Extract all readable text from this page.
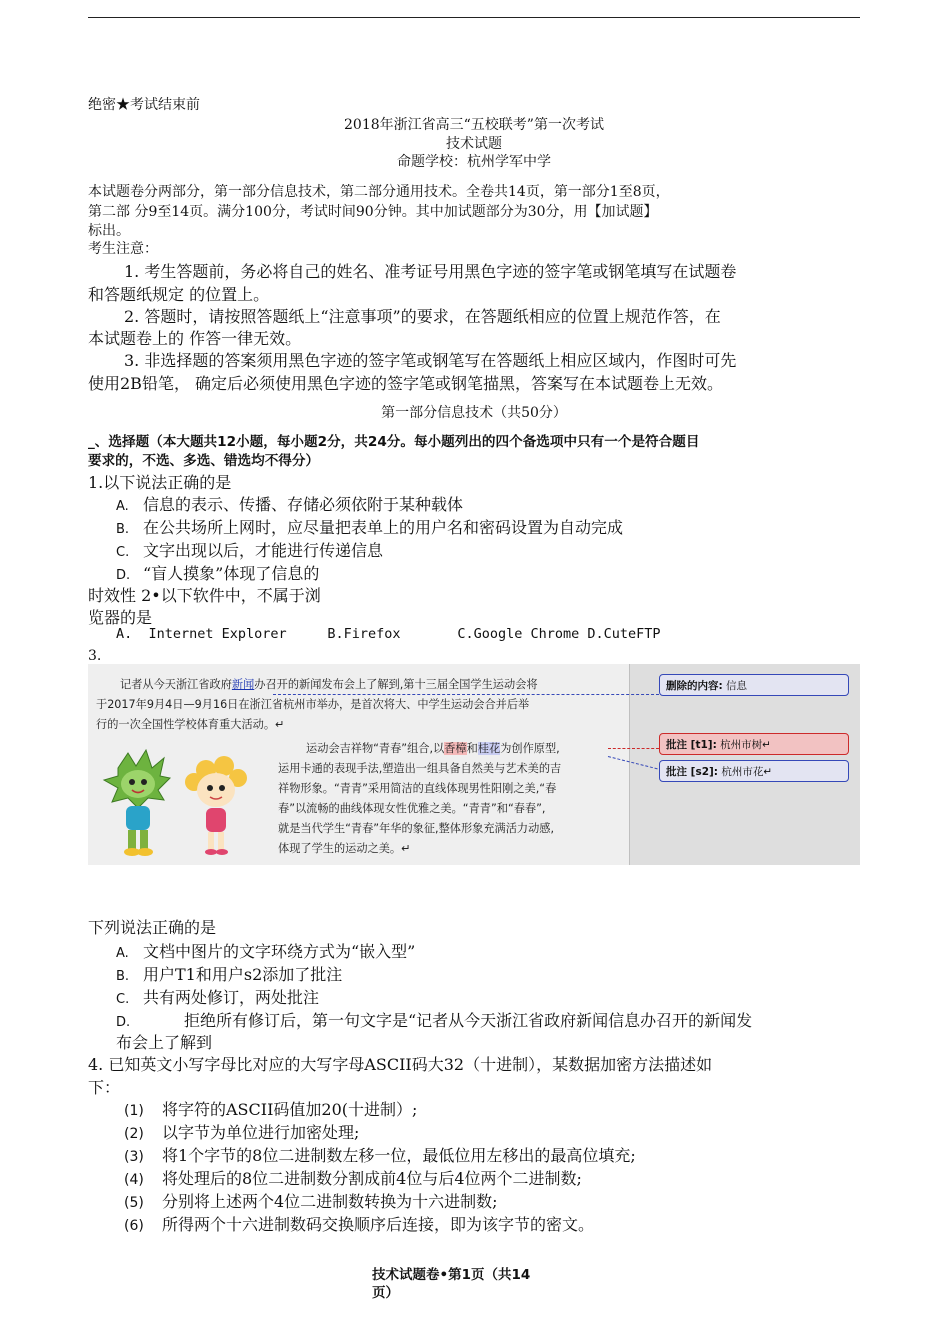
绝密★考试结束前
2018年浙江省高三“五校联考”第一次考试
技术试题
命题学校：杭州学军中学
本试题卷分两部分，第一部分信息技术，第二部分通用技术。全卷共14页，第一部分1至8页，
第二部 分9至14页。满分100分，考试时间90分钟。其中加试题部分为30分，用【加试题】
标出。
考生注意：
1. 考生答题前，务必将自己的姓名、准考证号用黑色字迹的签字笔或钢笔填写在试题卷
和答题纸规定 的位置上。
2. 答题时，请按照答题纸上“注意事项”的要求，在答题纸相应的位置上规范作答，在
本试题卷上的 作答一律无效。
3. 非选择题的答案须用黑色字迹的签字笔或钢笔写在答题纸上相应区域内，作图时可先
使用2B铅笔， 确定后必须使用黑色字迹的签字笔或钢笔描黑，答案写在本试题卷上无效。
第一部分信息技术（共50分）
_、选择题（本大题共12小题，每小题2分，共24分。每小题列出的四个备选项中只有一个是符合题目
要求的，不选、多选、错选均不得分）
1.以下说法正确的是
A. 信息的表示、传播、存储必须依附于某种载体
B. 在公共场所上网时，应尽量把表单上的用户名和密码设置为自动完成
C. 文字出现以后，才能进行传递信息
D. “盲人摸象”体现了信息的
时效性 2•以下软件中，不属于浏
览器的是
A.  Internet Explorer     B.Firefox       C.Google Chrome D.CuteFTP
3.
记者从今天浙江省政府新闻办召开的新闻发布会上了解到,第十三届全国学生运动会将
于2017年9月4日—9月16日在浙江省杭州市举办，是首次将大、中学生运动会合并后举
行的一次全国性学校体育重大活动。↵
运动会吉祥物“青春”组合,以香樟和桂花为创作原型,
运用卡通的表现手法,塑造出一组具备自然美与艺术美的吉
祥物形象。“青青”采用简洁的直线体现男性阳刚之美,“春
春”以流畅的曲线体现女性优雅之美。“青青”和“春春”,
就是当代学生“青春”年华的象征,整体形象充满活力动感,
体现了学生的运动之美。↵
删除的内容: 信息
批注 [t1]: 杭州市树↵
批注 [s2]: 杭州市花↵
下列说法正确的是
A. 文档中图片的文字环绕方式为“嵌入型”
B. 用户T1和用户s2添加了批注
C. 共有两处修订，两处批注
D.	拒绝所有修订后，第一句文字是“记者从今天浙江省政府新闻信息办召开的新闻发
布会上了解到
4. 已知英文小写字母比对应的大写字母ASCII码大32（十进制），某数据加密方法描述如
下：
(1) 将字符的ASCII码值加20(十进制）;
(2) 以字节为单位进行加密处理;
(3) 将1个字节的8位二进制数左移一位，最低位用左移出的最高位填充;
(4) 将处理后的8位二进制数分割成前4位与后4位两个二进制数;
(5) 分别将上述两个4位二进制数转换为十六进制数;
(6) 所得两个十六进制数码交换顺序后连接，即为该字节的密文。
技术试题卷•第1页（共14
页）
